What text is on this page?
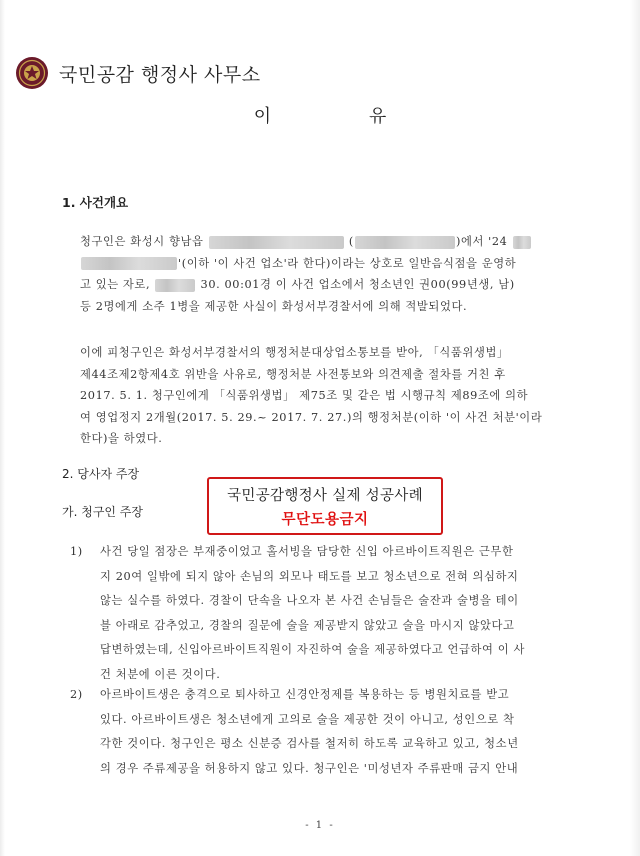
국민공감 행정사 사무소
이 유
1. 사건개요
청구인은 화성시 향남읍	(	)에서 '24
'(이하 '이 사건 업소'라 한다)이라는 상호로 일반음식점을 운영하
고 있는 자로,	30. 00:01경 이 사건 업소에서 청소년인 권00(99년생, 남)
등 2명에게 소주 1병을 제공한 사실이 화성서부경찰서에 의해 적발되었다.
이에 피청구인은 화성서부경찰서의 행정처분대상업소통보를 받아, 「식품위생법」
제44조제2항제4호 위반을 사유로, 행정처분 사전통보와 의견제출 절차를 거친 후
2017. 5. 1. 청구인에게 「식품위생법」 제75조 및 같은 법 시행규칙 제89조에 의하
여 영업정지 2개월(2017. 5. 29.~ 2017. 7. 27.)의 행정처분(이하 '이 사건 처분'이라
한다)을 하였다.
2. 당사자 주장
가. 청구인 주장
1) 사건 당일 점장은 부재중이었고 홀서빙을 담당한 신입 아르바이트직원은 근무한
지 20여 일밖에 되지 않아 손님의 외모나 태도를 보고 청소년으로 전혀 의심하지
않는 실수를 하였다. 경찰이 단속을 나오자 본 사건 손님들은 술잔과 술병을 테이
블 아래로 감추었고, 경찰의 질문에 술을 제공받지 않았고 술을 마시지 않았다고
답변하였는데, 신입아르바이트직원이 자진하여 술을 제공하였다고 언급하여 이 사
건 처분에 이른 것이다.
2) 아르바이트생은 충격으로 퇴사하고 신경안정제를 복용하는 등 병원치료를 받고
있다. 아르바이트생은 청소년에게 고의로 술을 제공한 것이 아니고, 성인으로 착
각한 것이다. 청구인은 평소 신분증 검사를 철저히 하도록 교육하고 있고, 청소년
의 경우 주류제공을 허용하지 않고 있다. 청구인은 '미성년자 주류판매 금지 안내
국민공감행정사 실제 성공사례
무단도용금지
- 1 -
